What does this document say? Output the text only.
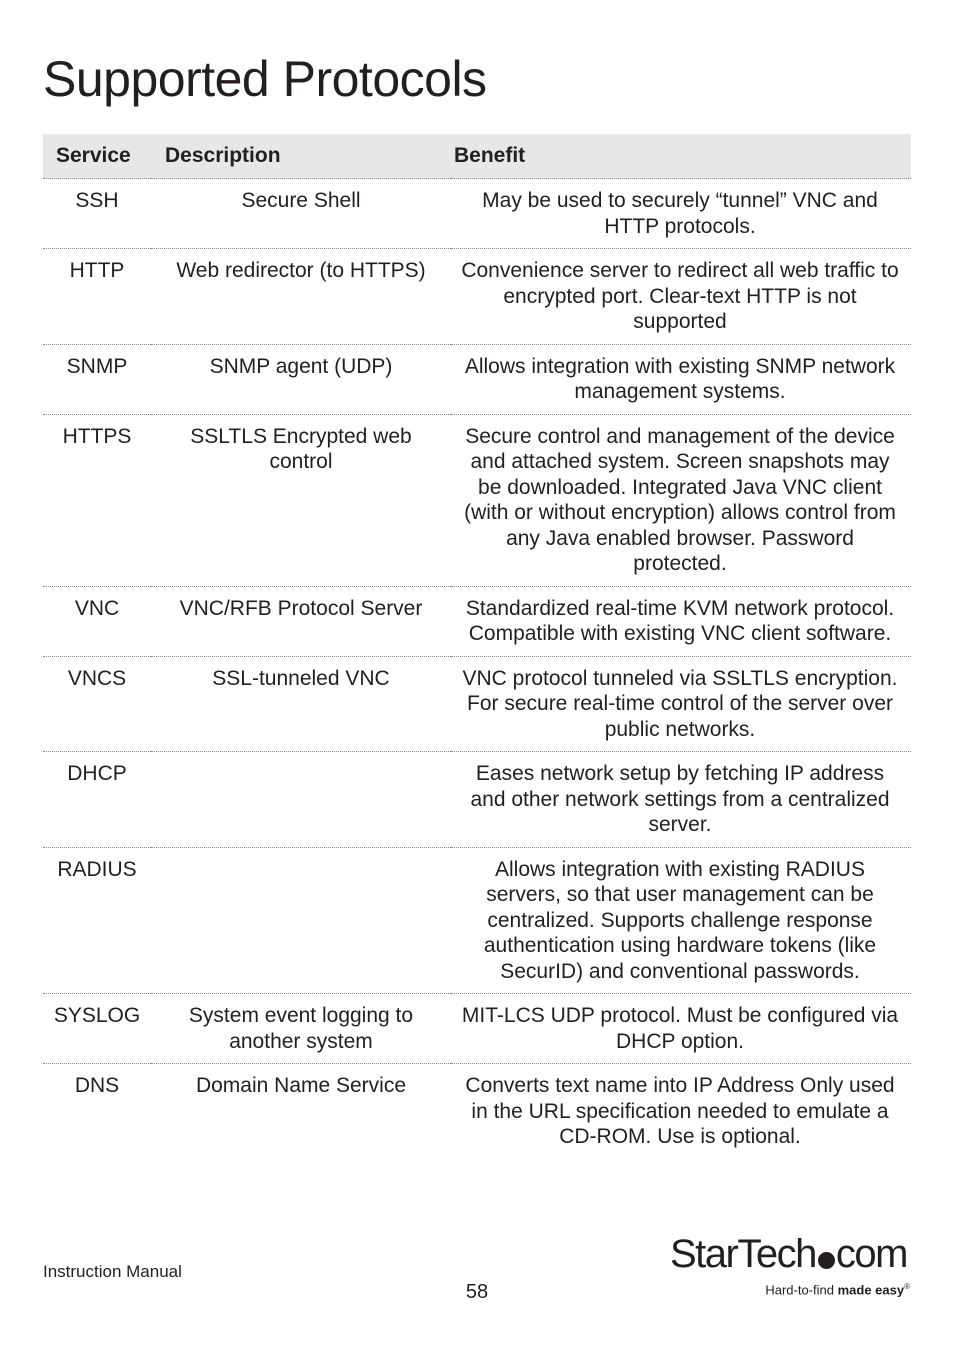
Supported Protocols
Service	Description	Benefit
SSH	Secure Shell	May be used to securely “tunnel” VNC and HTTP protocols.
HTTP	Web redirector (to HTTPS)	Convenience server to redirect all web traffic to encrypted port. Clear-text HTTP is not supported
SNMP	SNMP agent (UDP)	Allows integration with existing SNMP network management systems.
HTTPS	SSLTLS Encrypted web control	Secure control and management of the device and attached system. Screen snapshots may be downloaded. Integrated Java VNC client (with or without encryption) allows control from any Java enabled browser. Password protected.
VNC	VNC/RFB Protocol Server	Standardized real-time KVM network protocol. Compatible with existing VNC client software.
VNCS	SSL-tunneled VNC	VNC protocol tunneled via SSLTLS encryption. For secure real-time control of the server over public networks.
DHCP		Eases network setup by fetching IP address and other network settings from a centralized server.
RADIUS		Allows integration with existing RADIUS servers, so that user management can be centralized. Supports challenge response authentication using hardware tokens (like SecurID) and conventional passwords.
SYSLOG	System event logging to another system	MIT-LCS UDP protocol. Must be configured via DHCP option.
DNS	Domain Name Service	Converts text name into IP Address Only used in the URL specification needed to emulate a CD-ROM. Use is optional.
Instruction Manual
58
StarTech com
Hard-to-find made easy®
